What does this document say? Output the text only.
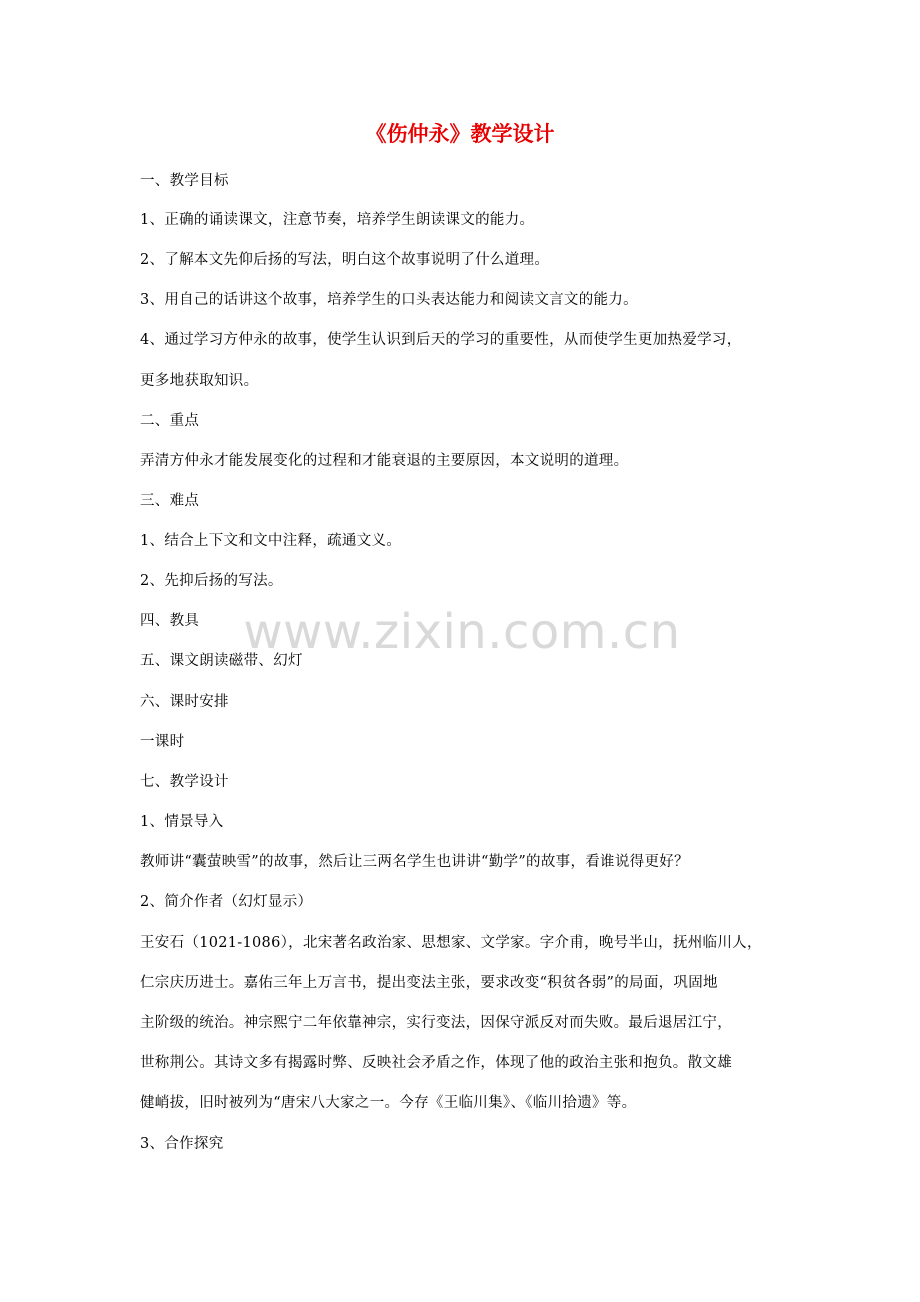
《伤仲永》教学设计
一、教学目标
1、正确的诵读课文，注意节奏，培养学生朗读课文的能力。
2、了解本文先仰后扬的写法，明白这个故事说明了什么道理。
3、用自己的话讲这个故事，培养学生的口头表达能力和阅读文言文的能力。
4、通过学习方仲永的故事，使学生认识到后天的学习的重要性，从而使学生更加热爱学习，
更多地获取知识。
二、重点
弄清方仲永才能发展变化的过程和才能衰退的主要原因，本文说明的道理。
三、难点
1、结合上下文和文中注释，疏通文义。
2、先抑后扬的写法。
四、教具
五、课文朗读磁带、幻灯
六、课时安排
一课时
七、教学设计
1、情景导入
教师讲“囊萤映雪”的故事，然后让三两名学生也讲讲“勤学”的故事，看谁说得更好？
2、简介作者（幻灯显示）
王安石（1021-1086），北宋著名政治家、思想家、文学家。字介甫，晚号半山，抚州临川人，
仁宗庆历进士。嘉佑三年上万言书，提出变法主张，要求改变“积贫各弱”的局面，巩固地
主阶级的统治。神宗熙宁二年依靠神宗，实行变法，因保守派反对而失败。最后退居江宁，
世称荆公。其诗文多有揭露时弊、反映社会矛盾之作，体现了他的政治主张和抱负。散文雄
健峭拔，旧时被列为“唐宋八大家之一。今存《王临川集》、《临川拾遗》等。
3、合作探究
www.zixin.com.cn
